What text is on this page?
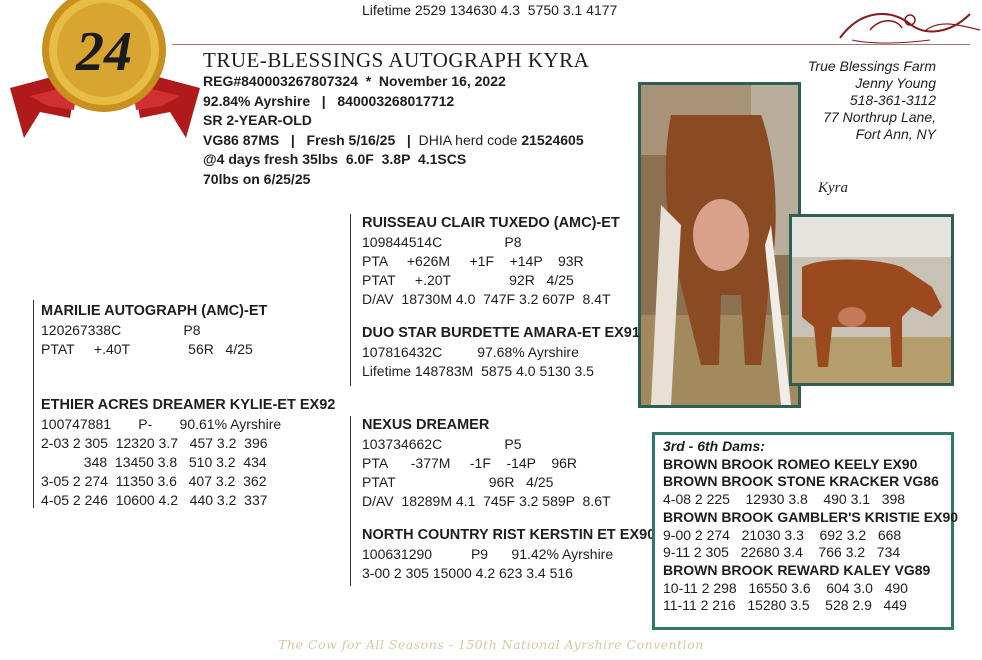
Lifetime 2529 134630 4.3  5750 3.1 4177
24	TRUE-BLESSINGS AUTOGRAPH KYRA
REG#840003267807324  *  November 16, 2022
92.84% Ayrshire   |   840003268017712
SR 2-YEAR-OLD
VG86 87MS   |   Fresh 5/16/25   |  DHIA herd code 21524605
@4 days fresh 35lbs  6.0F  3.8P  4.1SCS
70lbs on 6/25/25
True Blessings Farm
Jenny Young
518-361-3112
77 Northrup Lane,
Fort Ann, NY
Kyra
RUISSEAU CLAIR TUXEDO (AMC)-ET
109844514C                P8
PTA     +626M     +1F    +14P    93R
PTAT     +.20T               92R   4/25
D/AV  18730M 4.0  747F 3.2 607P  8.4T
DUO STAR BURDETTE AMARA-ET EX91
107816432C         97.68% Ayrshire
Lifetime 148783M  5875 4.0 5130 3.5
MARILIE AUTOGRAPH (AMC)-ET
120267338C                P8
PTAT     +.40T               56R   4/25
ETHIER ACRES DREAMER KYLIE-ET EX92
100747881       P-       90.61% Ayrshire
2-03 2 305  12320 3.7   457 3.2  396
348  13450 3.8   510 3.2  434
3-05 2 274  11350 3.6   407 3.2  362
4-05 2 246  10600 4.2   440 3.2  337
NEXUS DREAMER
103734662C                P5
PTA      -377M     -1F    -14P    96R
PTAT                        96R   4/25
D/AV  18289M 4.1  745F 3.2 589P  8.6T
NORTH COUNTRY RIST KERSTIN ET EX90
100631290          P9      91.42% Ayrshire
3-00 2 305 15000 4.2 623 3.4 516
3rd - 6th Dams:
BROWN BROOK ROMEO KEELY EX90
BROWN BROOK STONE KRACKER VG86
4-08 2 225    12930 3.8    490 3.1   398
BROWN BROOK GAMBLER'S KRISTIE EX90
9-00 2 274   21030 3.3    692 3.2   668
9-11 2 305   22680 3.4    766 3.2   734
BROWN BROOK REWARD KALEY VG89
10-11 2 298   16550 3.6    604 3.0   490
11-11 2 216   15280 3.5    528 2.9   449
The Cow for All Seasons - 150th National Ayrshire Convention
